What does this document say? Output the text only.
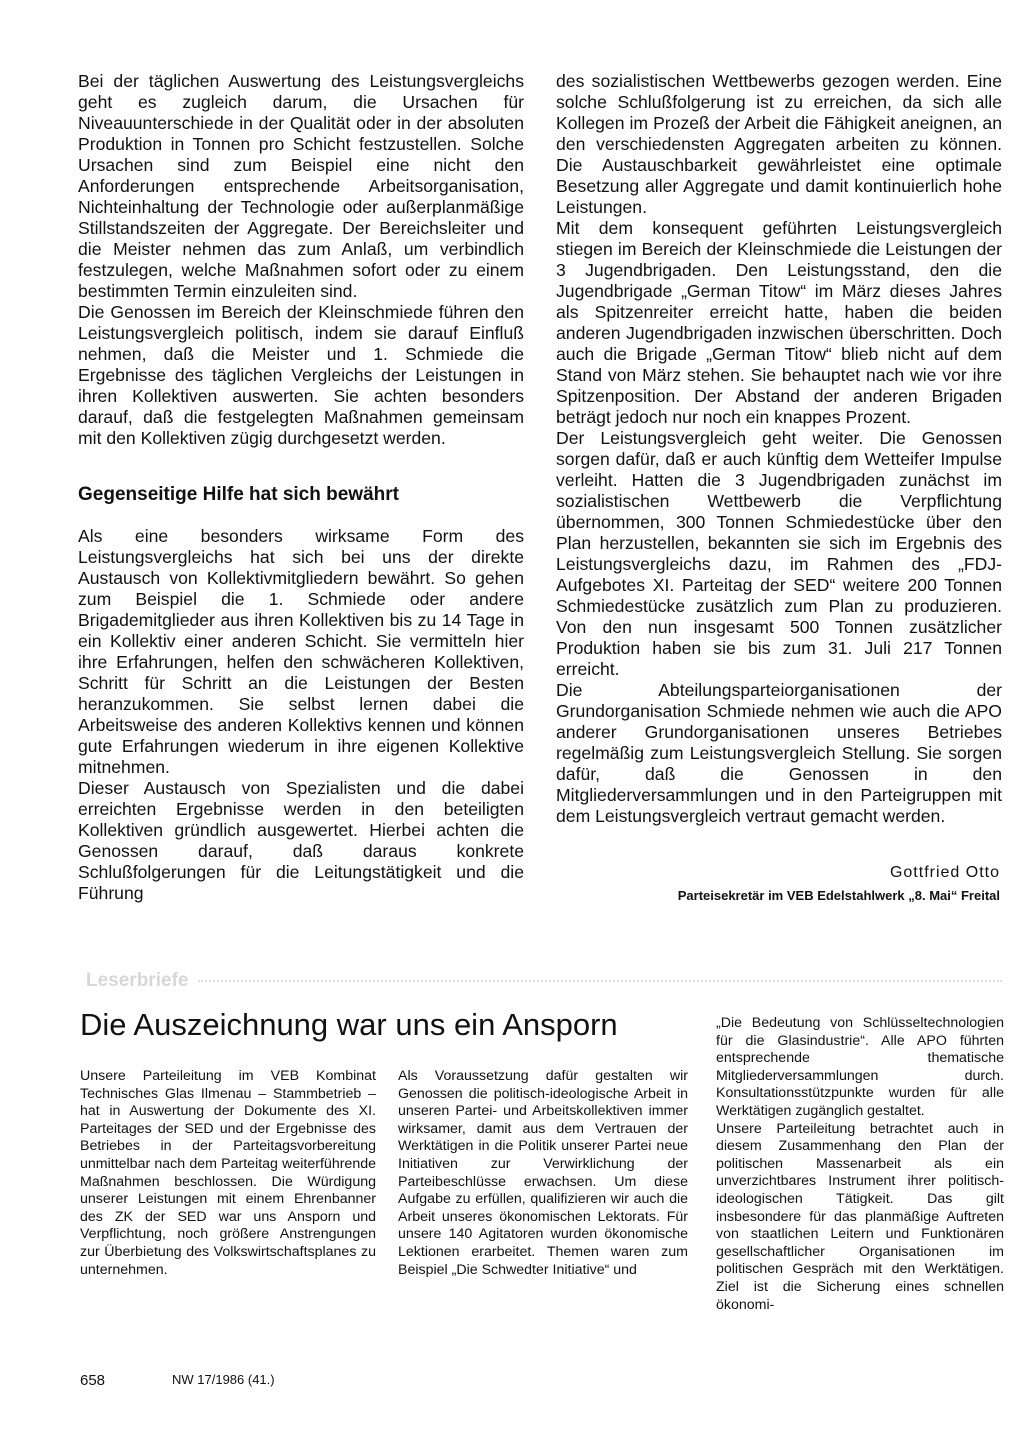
Bei der täglichen Auswertung des Leistungsvergleichs geht es zugleich darum, die Ursachen für Niveauunterschiede in der Qualität oder in der absoluten Produktion in Tonnen pro Schicht festzustellen. Solche Ursachen sind zum Beispiel eine nicht den Anforderungen entsprechende Arbeitsorganisation, Nichteinhaltung der Technologie oder außerplanmäßige Stillstandszeiten der Aggregate. Der Bereichsleiter und die Meister nehmen das zum Anlaß, um verbindlich festzulegen, welche Maßnahmen sofort oder zu einem bestimmten Termin einzuleiten sind.

Die Genossen im Bereich der Kleinschmiede führen den Leistungsvergleich politisch, indem sie darauf Einfluß nehmen, daß die Meister und 1. Schmiede die Ergebnisse des täglichen Vergleichs der Leistungen in ihren Kollektiven auswerten. Sie achten besonders darauf, daß die festgelegten Maßnahmen gemeinsam mit den Kollektiven zügig durchgesetzt werden.

Gegenseitige Hilfe hat sich bewährt

Als eine besonders wirksame Form des Leistungsvergleichs hat sich bei uns der direkte Austausch von Kollektivmitgliedern bewährt. So gehen zum Beispiel die 1. Schmiede oder andere Brigademitglieder aus ihren Kollektiven bis zu 14 Tage in ein Kollektiv einer anderen Schicht. Sie vermitteln hier ihre Erfahrungen, helfen den schwächeren Kollektiven, Schritt für Schritt an die Leistungen der Besten heranzukommen. Sie selbst lernen dabei die Arbeitsweise des anderen Kollektivs kennen und können gute Erfahrungen wiederum in ihre eigenen Kollektive mitnehmen.

Dieser Austausch von Spezialisten und die dabei erreichten Ergebnisse werden in den beteiligten Kollektiven gründlich ausgewertet. Hierbei achten die Genossen darauf, daß daraus konkrete Schlußfolgerungen für die Leitungstätigkeit und die Führung

des sozialistischen Wettbewerbs gezogen werden. Eine solche Schlußfolgerung ist zu erreichen, da sich alle Kollegen im Prozeß der Arbeit die Fähigkeit aneignen, an den verschiedensten Aggregaten arbeiten zu können. Die Austauschbarkeit gewährleistet eine optimale Besetzung aller Aggregate und damit kontinuierlich hohe Leistungen.

Mit dem konsequent geführten Leistungsvergleich stiegen im Bereich der Kleinschmiede die Leistungen der 3 Jugendbrigaden. Den Leistungsstand, den die Jugendbrigade „German Titow“ im März dieses Jahres als Spitzenreiter erreicht hatte, haben die beiden anderen Jugendbrigaden inzwischen überschritten. Doch auch die Brigade „German Titow“ blieb nicht auf dem Stand von März stehen. Sie behauptet nach wie vor ihre Spitzenposition. Der Abstand der anderen Brigaden beträgt jedoch nur noch ein knappes Prozent.

Der Leistungsvergleich geht weiter. Die Genossen sorgen dafür, daß er auch künftig dem Wetteifer Impulse verleiht. Hatten die 3 Jugendbrigaden zunächst im sozialistischen Wettbewerb die Verpflichtung übernommen, 300 Tonnen Schmiedestücke über den Plan herzustellen, bekannten sie sich im Ergebnis des Leistungsvergleichs dazu, im Rahmen des „FDJ-Aufgebotes XI. Parteitag der SED“ weitere 200 Tonnen Schmiedestücke zusätzlich zum Plan zu produzieren. Von den nun insgesamt 500 Tonnen zusätzlicher Produktion haben sie bis zum 31. Juli 217 Tonnen erreicht.

Die Abteilungsparteiorganisationen der Grundorganisation Schmiede nehmen wie auch die APO anderer Grundorganisationen unseres Betriebes regelmäßig zum Leistungsvergleich Stellung. Sie sorgen dafür, daß die Genossen in den Mitgliederversammlungen und in den Parteigruppen mit dem Leistungsvergleich vertraut gemacht werden.

Gottfried Otto
Parteisekretär im VEB Edelstahlwerk „8. Mai“ Freital
Leserbriefe
Die Auszeichnung war uns ein Ansporn

Unsere Parteileitung im VEB Kombinat Technisches Glas Ilmenau – Stammbetrieb – hat in Auswertung der Dokumente des XI. Parteitages der SED und der Ergebnisse des Betriebes in der Parteitagsvorbereitung unmittelbar nach dem Parteitag weiterführende Maßnahmen beschlossen. Die Würdigung unserer Leistungen mit einem Ehrenbanner des ZK der SED war uns Ansporn und Verpflichtung, noch größere Anstrengungen zur Überbietung des Volkswirtschaftsplanes zu unternehmen.

Als Voraussetzung dafür gestalten wir Genossen die politisch-ideologische Arbeit in unseren Partei- und Arbeitskollektiven immer wirksamer, damit aus dem Vertrauen der Werktätigen in die Politik unserer Partei neue Initiativen zur Verwirklichung der Parteibeschlüsse erwachsen. Um diese Aufgabe zu erfüllen, qualifizieren wir auch die Arbeit unseres ökonomischen Lektorats. Für unsere 140 Agitatoren wurden ökonomische Lektionen erarbeitet. Themen waren zum Beispiel „Die Schwedter Initiative“ und

„Die Bedeutung von Schlüsseltechnologien für die Glasindustrie“. Alle APO führten entsprechende thematische Mitgliederversammlungen durch. Konsultationsstützpunkte wurden für alle Werktätigen zugänglich gestaltet.

Unsere Parteileitung betrachtet auch in diesem Zusammenhang den Plan der politischen Massenarbeit als ein unverzichtbares Instrument ihrer politisch-ideologischen Tätigkeit. Das gilt insbesondere für das planmäßige Auftreten von staatlichen Leitern und Funktionären gesellschaftlicher Organisationen im politischen Gespräch mit den Werktätigen. Ziel ist die Sicherung eines schnellen ökonomi-

658	NW 17/1986 (41.)
